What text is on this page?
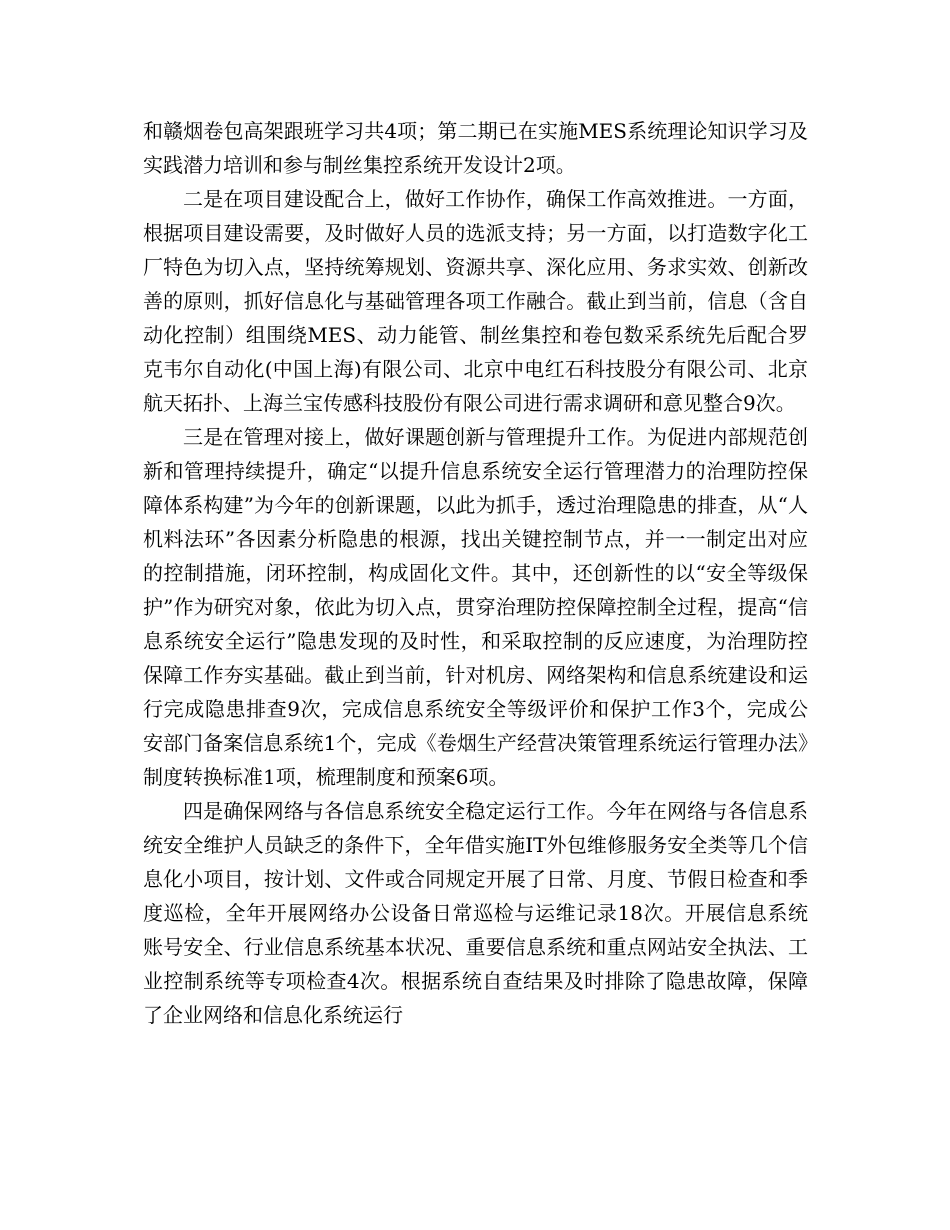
和赣烟卷包高架跟班学习共4项；第二期已在实施MES系统理论知识学习及实践潜力培训和参与制丝集控系统开发设计2项。

二是在项目建设配合上，做好工作协作，确保工作高效推进。一方面，根据项目建设需要，及时做好人员的选派支持；另一方面，以打造数字化工厂特色为切入点，坚持统筹规划、资源共享、深化应用、务求实效、创新改善的原则，抓好信息化与基础管理各项工作融合。截止到当前，信息（含自动化控制）组围绕MES、动力能管、制丝集控和卷包数采系统先后配合罗克韦尔自动化(中国上海)有限公司、北京中电红石科技股分有限公司、北京航天拓扑、上海兰宝传感科技股份有限公司进行需求调研和意见整合9次。

三是在管理对接上，做好课题创新与管理提升工作。为促进内部规范创新和管理持续提升，确定“以提升信息系统安全运行管理潜力的治理防控保障体系构建”为今年的创新课题，以此为抓手，透过治理隐患的排查，从“人机料法环”各因素分析隐患的根源，找出关键控制节点，并一一制定出对应的控制措施，闭环控制，构成固化文件。其中，还创新性的以“安全等级保护”作为研究对象，依此为切入点，贯穿治理防控保障控制全过程，提高“信息系统安全运行”隐患发现的及时性，和采取控制的反应速度，为治理防控保障工作夯实基础。截止到当前，针对机房、网络架构和信息系统建设和运行完成隐患排查9次，完成信息系统安全等级评价和保护工作3个，完成公安部门备案信息系统1个，完成《卷烟生产经营决策管理系统运行管理办法》制度转换标准1项，梳理制度和预案6项。

四是确保网络与各信息系统安全稳定运行工作。今年在网络与各信息系统安全维护人员缺乏的条件下，全年借实施IT外包维修服务安全类等几个信息化小项目，按计划、文件或合同规定开展了日常、月度、节假日检查和季度巡检，全年开展网络办公设备日常巡检与运维记录18次。开展信息系统账号安全、行业信息系统基本状况、重要信息系统和重点网站安全执法、工业控制系统等专项检查4次。根据系统自查结果及时排除了隐患故障，保障了企业网络和信息化系统运行
